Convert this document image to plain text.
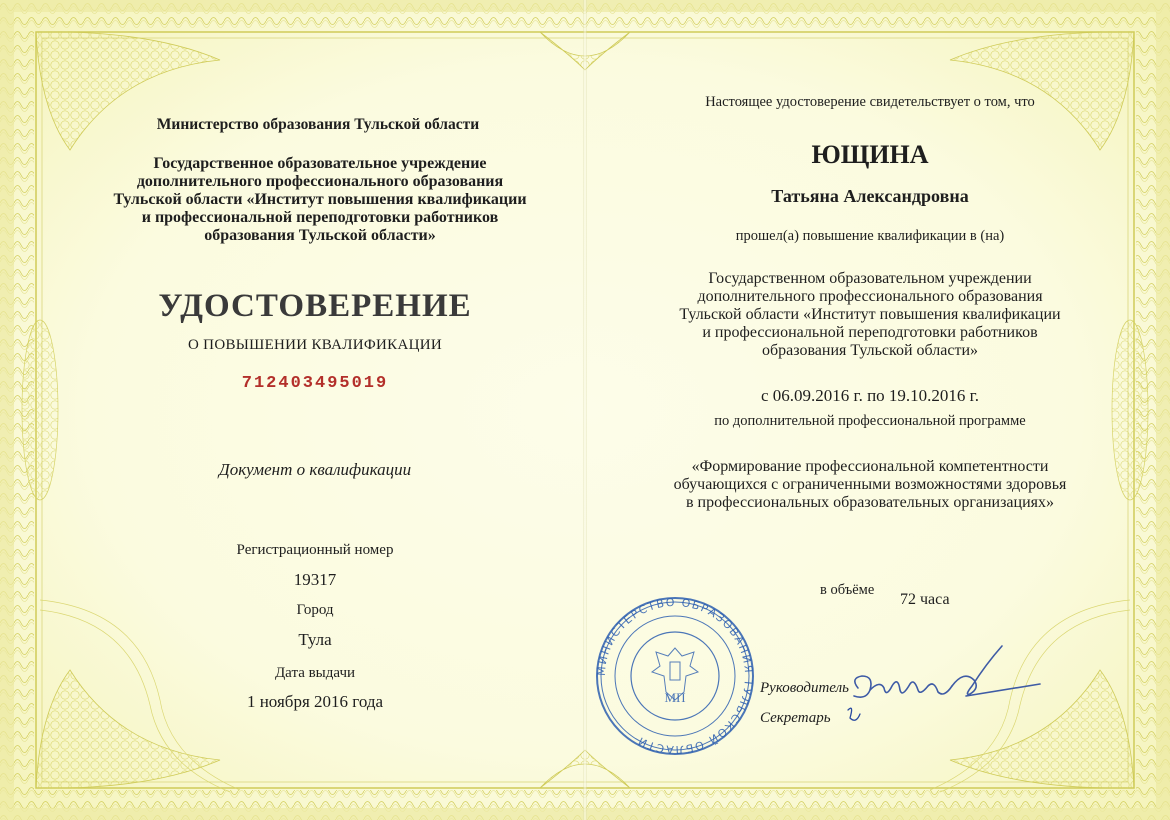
Министерство образования Тульской области
Государственное образовательное учреждение
дополнительного профессионального образования
Тульской области «Институт повышения квалификации
и профессиональной переподготовки работников
образования Тульской области»
УДОСТОВЕРЕНИЕ
О ПОВЫШЕНИИ КВАЛИФИКАЦИИ
712403495019
Документ о квалификации
Регистрационный номер
19317
Город
Тула
Дата выдачи
1 ноября 2016 года
Настоящее удостоверение свидетельствует о том, что
ЮЩИНА
Татьяна Александровна
прошел(а) повышение квалификации в (на)
Государственном образовательном учреждении
дополнительного профессионального образования
Тульской области «Институт повышения квалификации
и профессиональной переподготовки работников
образования Тульской области»
с 06.09.2016 г. по 19.10.2016 г.
по дополнительной профессиональной программе
«Формирование профессиональной компетентности
обучающихся с ограниченными возможностями здоровья
в профессиональных образовательных организациях»
в объёме
72 часа
Руководитель
Секретарь
МИНИСТЕРСТВО ОБРАЗОВАНИЯ ТУЛЬСКОЙ ОБЛАСТИ
МП
